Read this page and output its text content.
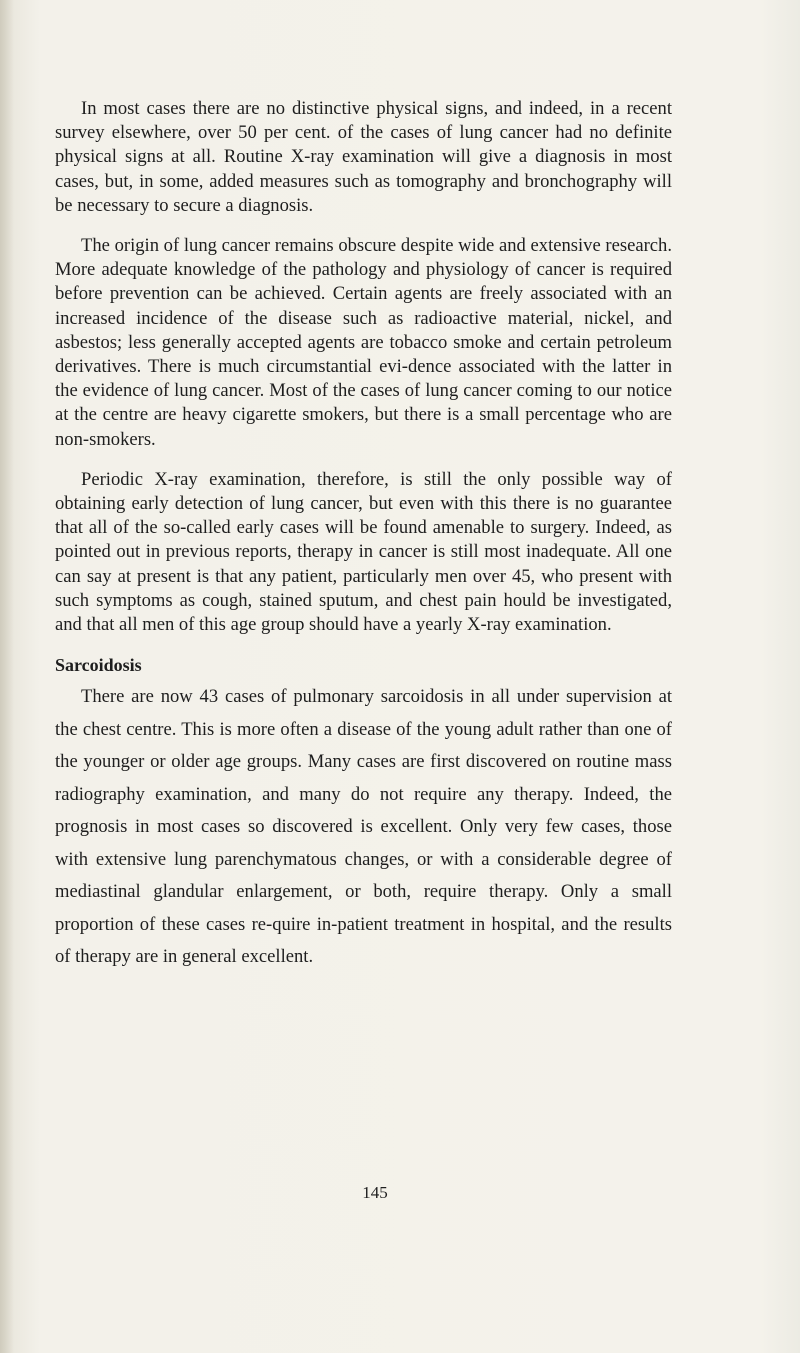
In most cases there are no distinctive physical signs, and indeed, in a recent survey elsewhere, over 50 per cent. of the cases of lung cancer had no definite physical signs at all. Routine X-ray examination will give a diagnosis in most cases, but, in some, added measures such as tomography and bronchography will be necessary to secure a diagnosis.

The origin of lung cancer remains obscure despite wide and extensive research. More adequate knowledge of the pathology and physiology of cancer is required before prevention can be achieved. Certain agents are freely associated with an increased incidence of the disease such as radioactive material, nickel, and asbestos; less generally accepted agents are tobacco smoke and certain petroleum derivatives. There is much circumstantial evi-dence associated with the latter in the evidence of lung cancer. Most of the cases of lung cancer coming to our notice at the centre are heavy cigarette smokers, but there is a small percentage who are non-smokers.

Periodic X-ray examination, therefore, is still the only possible way of obtaining early detection of lung cancer, but even with this there is no guarantee that all of the so-called early cases will be found amenable to surgery. Indeed, as pointed out in previous reports, therapy in cancer is still most inadequate. All one can say at present is that any patient, particularly men over 45, who present with such symptoms as cough, stained sputum, and chest pain hould be investigated, and that all men of this age group should have a yearly X-ray examination.

Sarcoidosis

There are now 43 cases of pulmonary sarcoidosis in all under supervision at the chest centre. This is more often a disease of the young adult rather than one of the younger or older age groups. Many cases are first discovered on routine mass radiography examination, and many do not require any therapy. Indeed, the prognosis in most cases so discovered is excellent. Only very few cases, those with extensive lung parenchymatous changes, or with a considerable degree of mediastinal glandular enlargement, or both, require therapy. Only a small proportion of these cases re-quire in-patient treatment in hospital, and the results of therapy are in general excellent.

145
